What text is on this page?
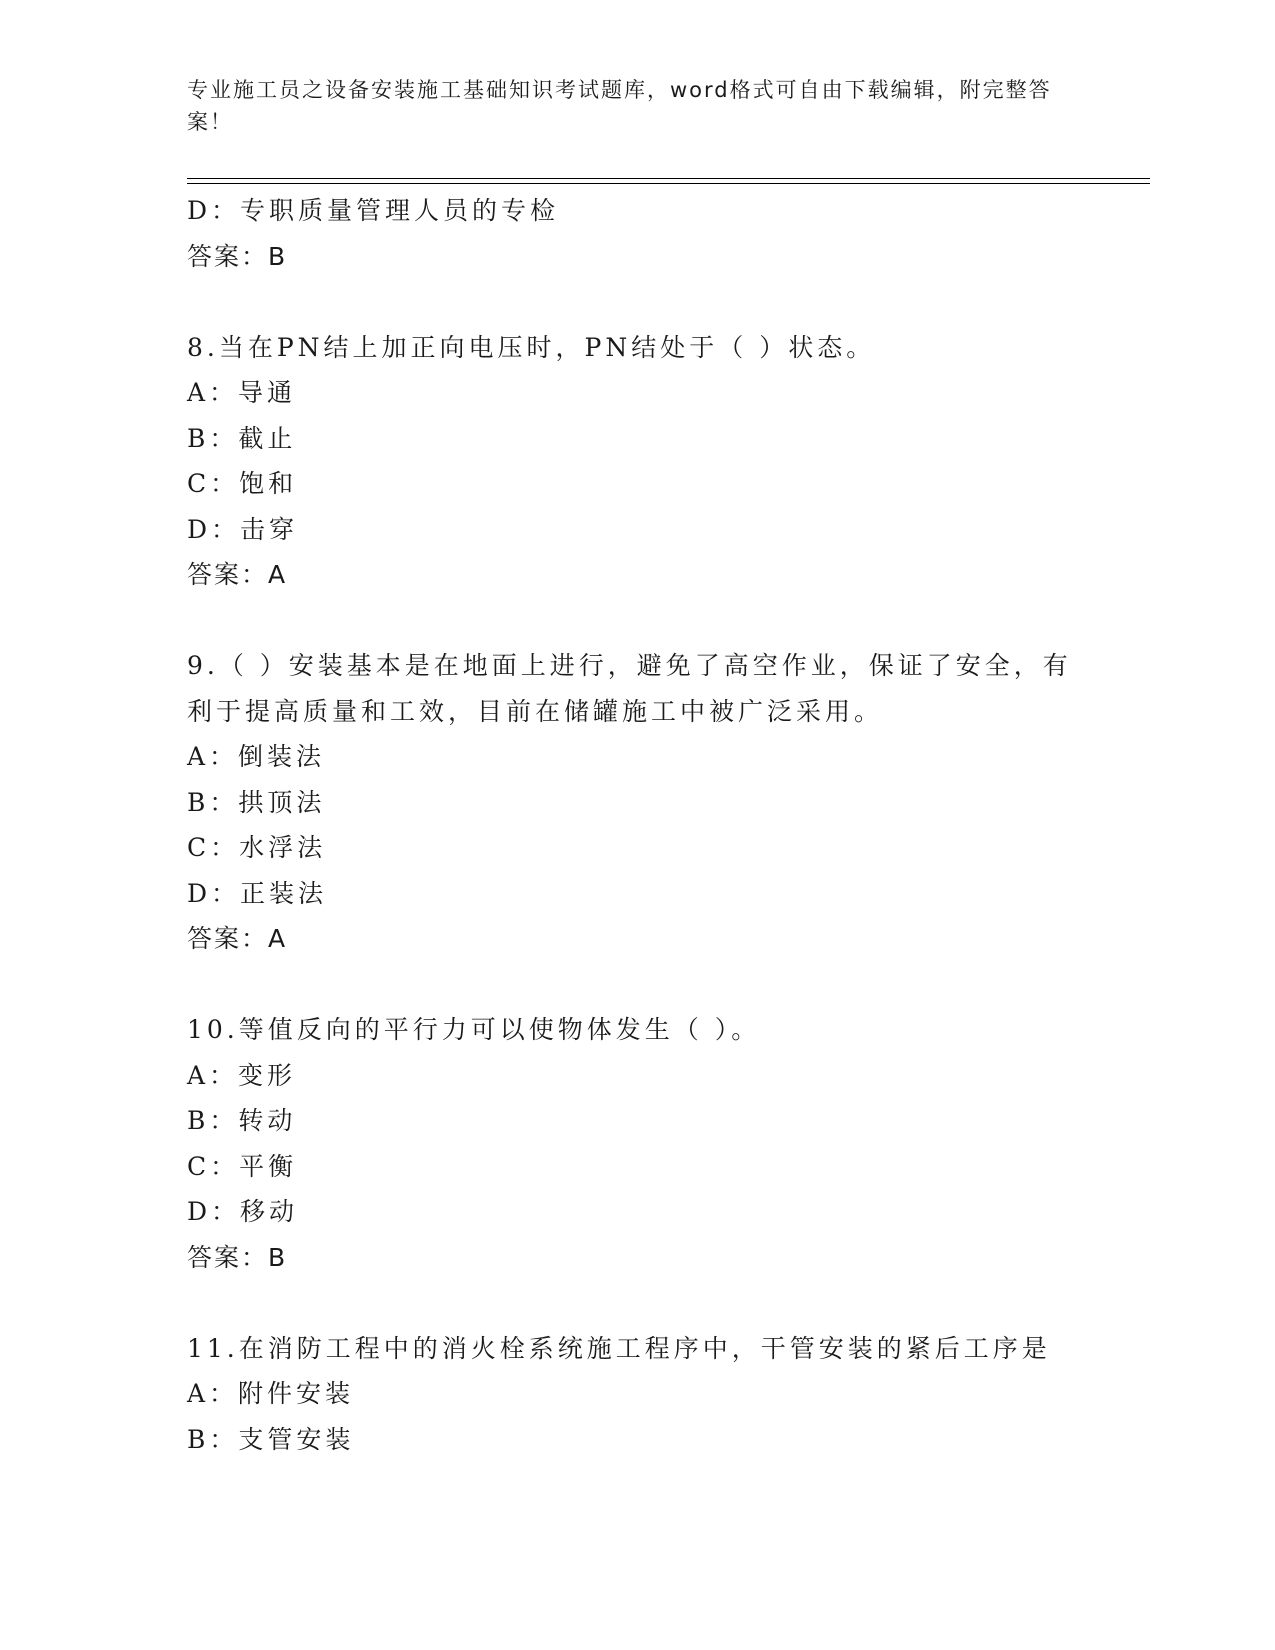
专业施工员之设备安装施工基础知识考试题库，word格式可自由下载编辑，附完整答案！
D：专职质量管理人员的专检
答案：B
8.当在PN结上加正向电压时，PN结处于（ ）状态。
A：导通
B：截止
C：饱和
D：击穿
答案：A
9.（ ）安装基本是在地面上进行，避免了高空作业，保证了安全，有
利于提高质量和工效，目前在储罐施工中被广泛采用。
A：倒装法
B：拱顶法
C：水浮法
D：正装法
答案：A
10.等值反向的平行力可以使物体发生（ ）。
A：变形
B：转动
C：平衡
D：移动
答案：B
11.在消防工程中的消火栓系统施工程序中，干管安装的紧后工序是
A：附件安装
B：支管安装
